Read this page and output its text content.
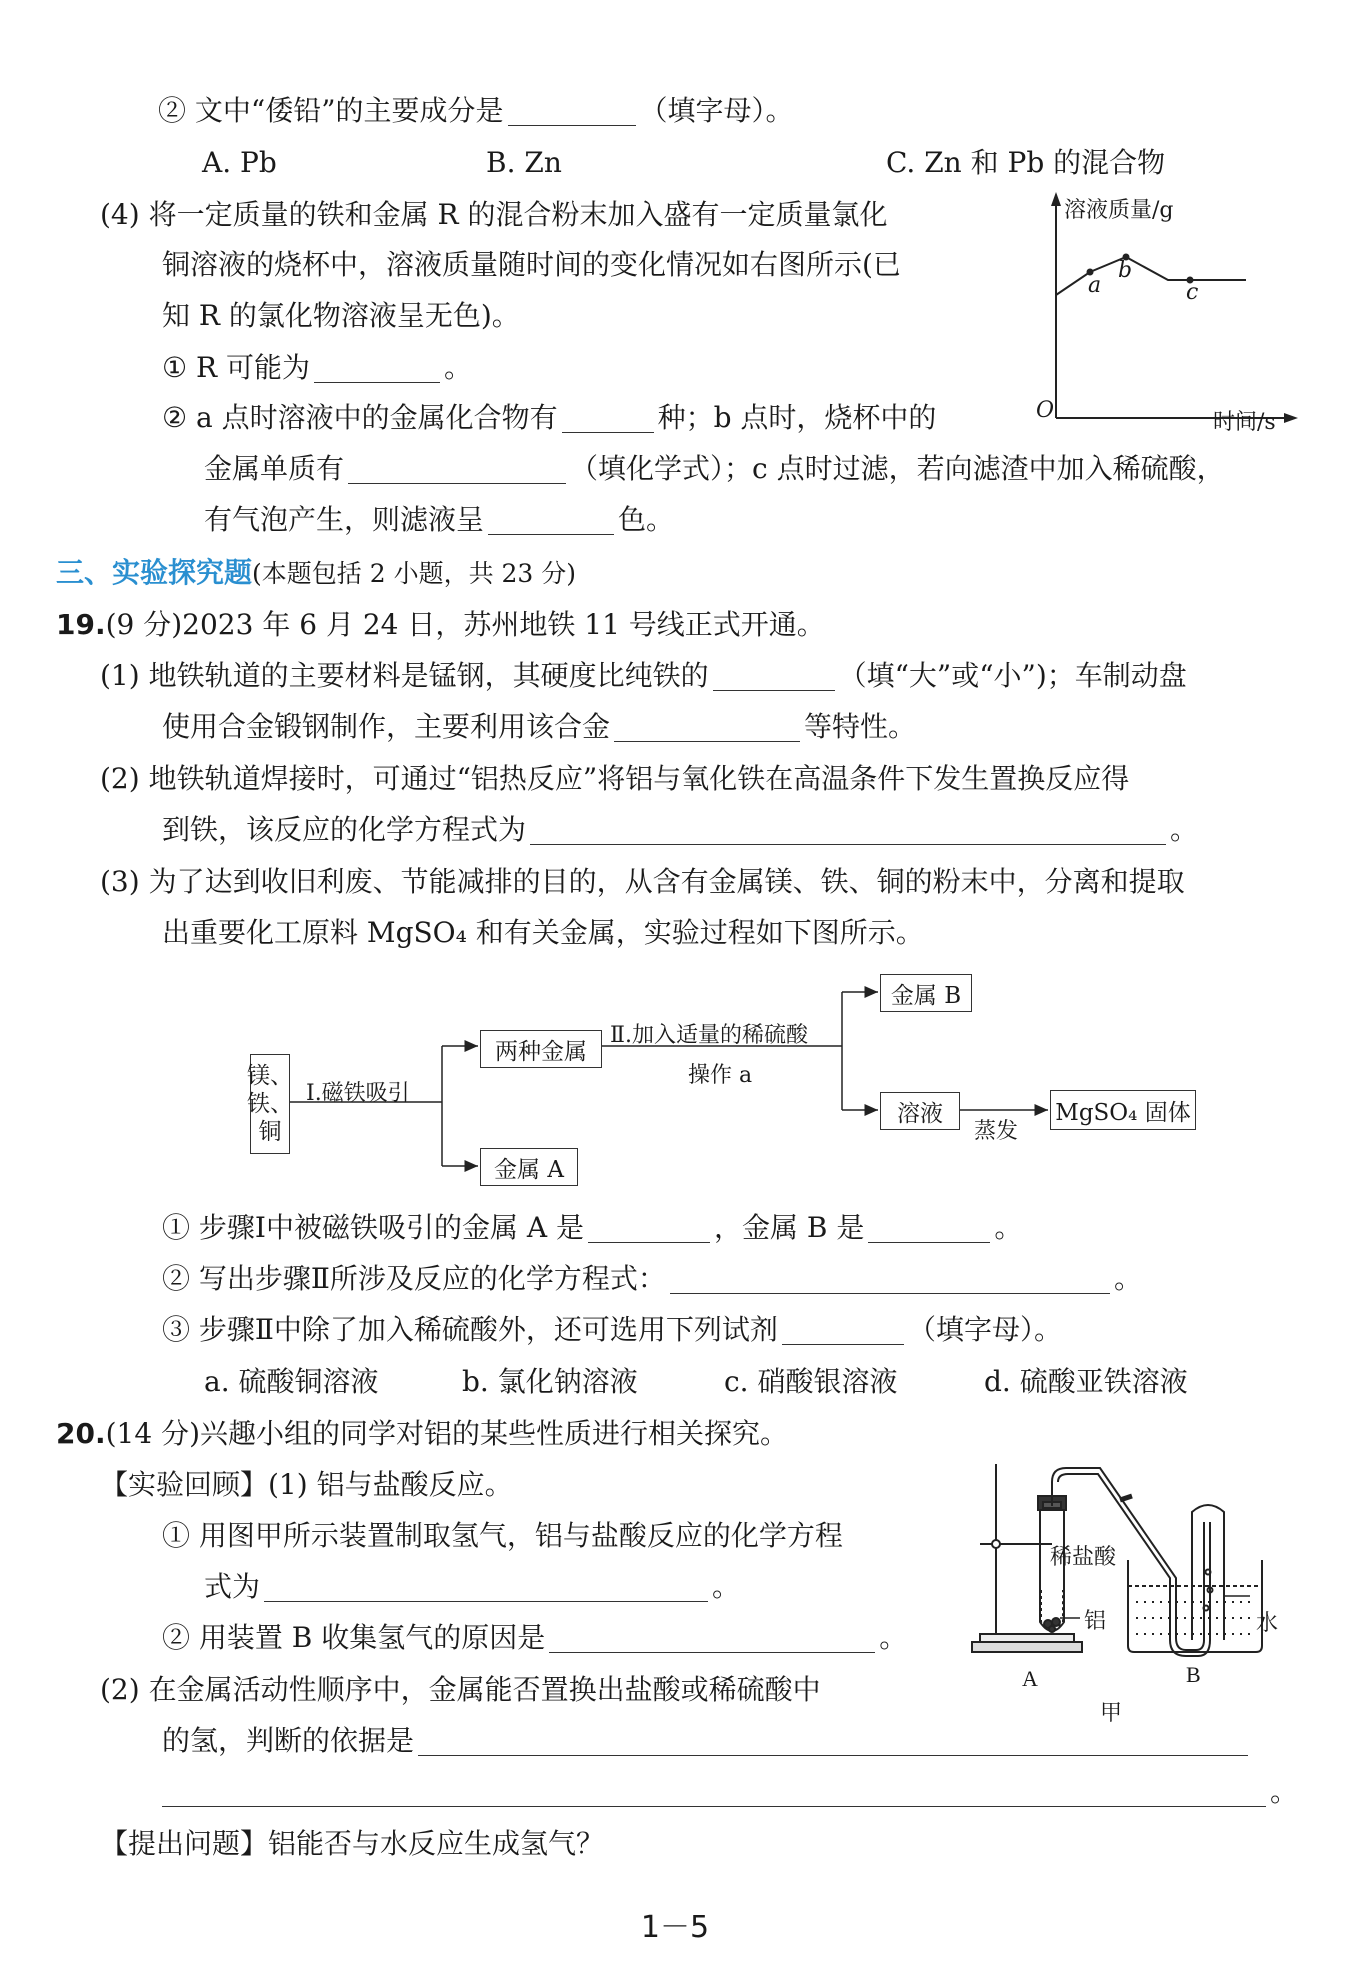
② 文中“倭铅”的主要成分是	（填字母）。
A. Pb	B. Zn	C. Zn 和 Pb 的混合物
(4) 将一定质量的铁和金属 R 的混合粉末加入盛有一定质量氯化
铜溶液的烧杯中，溶液质量随时间的变化情况如右图所示(已
知 R 的氯化物溶液呈无色)。
① R 可能为	。
② a 点时溶液中的金属化合物有	种；b 点时，烧杯中的
金属单质有	（填化学式）；c 点时过滤，若向滤渣中加入稀硫酸，
有气泡产生，则滤液呈	色。
溶液质量/g
时间/s
O
a
b
c
三、实验探究题(本题包括 2 小题，共 23 分)
19.(9 分)2023 年 6 月 24 日，苏州地铁 11 号线正式开通。
(1) 地铁轨道的主要材料是锰钢，其硬度比纯铁的	（填“大”或“小”)；车制动盘
使用合金锻钢制作，主要利用该合金	等特性。
(2) 地铁轨道焊接时，可通过“铝热反应”将铝与氧化铁在高温条件下发生置换反应得
到铁，该反应的化学方程式为	。
(3) 为了达到收旧利废、节能减排的目的，从含有金属镁、铁、铜的粉末中，分离和提取
出重要化工原料 MgSO₄ 和有关金属，实验过程如下图所示。
镁、
铁、
铜
Ⅰ.磁铁吸引
两种金属
金属 A
Ⅱ.加入适量的稀硫酸
操作 a
金属 B
溶液
蒸发
MgSO₄ 固体
① 步骤Ⅰ中被磁铁吸引的金属 A 是	，金属 B 是	。
② 写出步骤Ⅱ所涉及反应的化学方程式：	。
③ 步骤Ⅱ中除了加入稀硫酸外，还可选用下列试剂	（填字母）。
a. 硫酸铜溶液	b. 氯化钠溶液	c. 硝酸银溶液	d. 硫酸亚铁溶液
20.(14 分)兴趣小组的同学对铝的某些性质进行相关探究。
【实验回顾】(1) 铝与盐酸反应。
① 用图甲所示装置制取氢气，铝与盐酸反应的化学方程
式为	。
② 用装置 B 收集氢气的原因是	。
(2) 在金属活动性顺序中，金属能否置换出盐酸或稀硫酸中
的氢，判断的依据是
。
【提出问题】铝能否与水反应生成氢气？
稀盐酸
铝	水
A	B
甲
1－5
